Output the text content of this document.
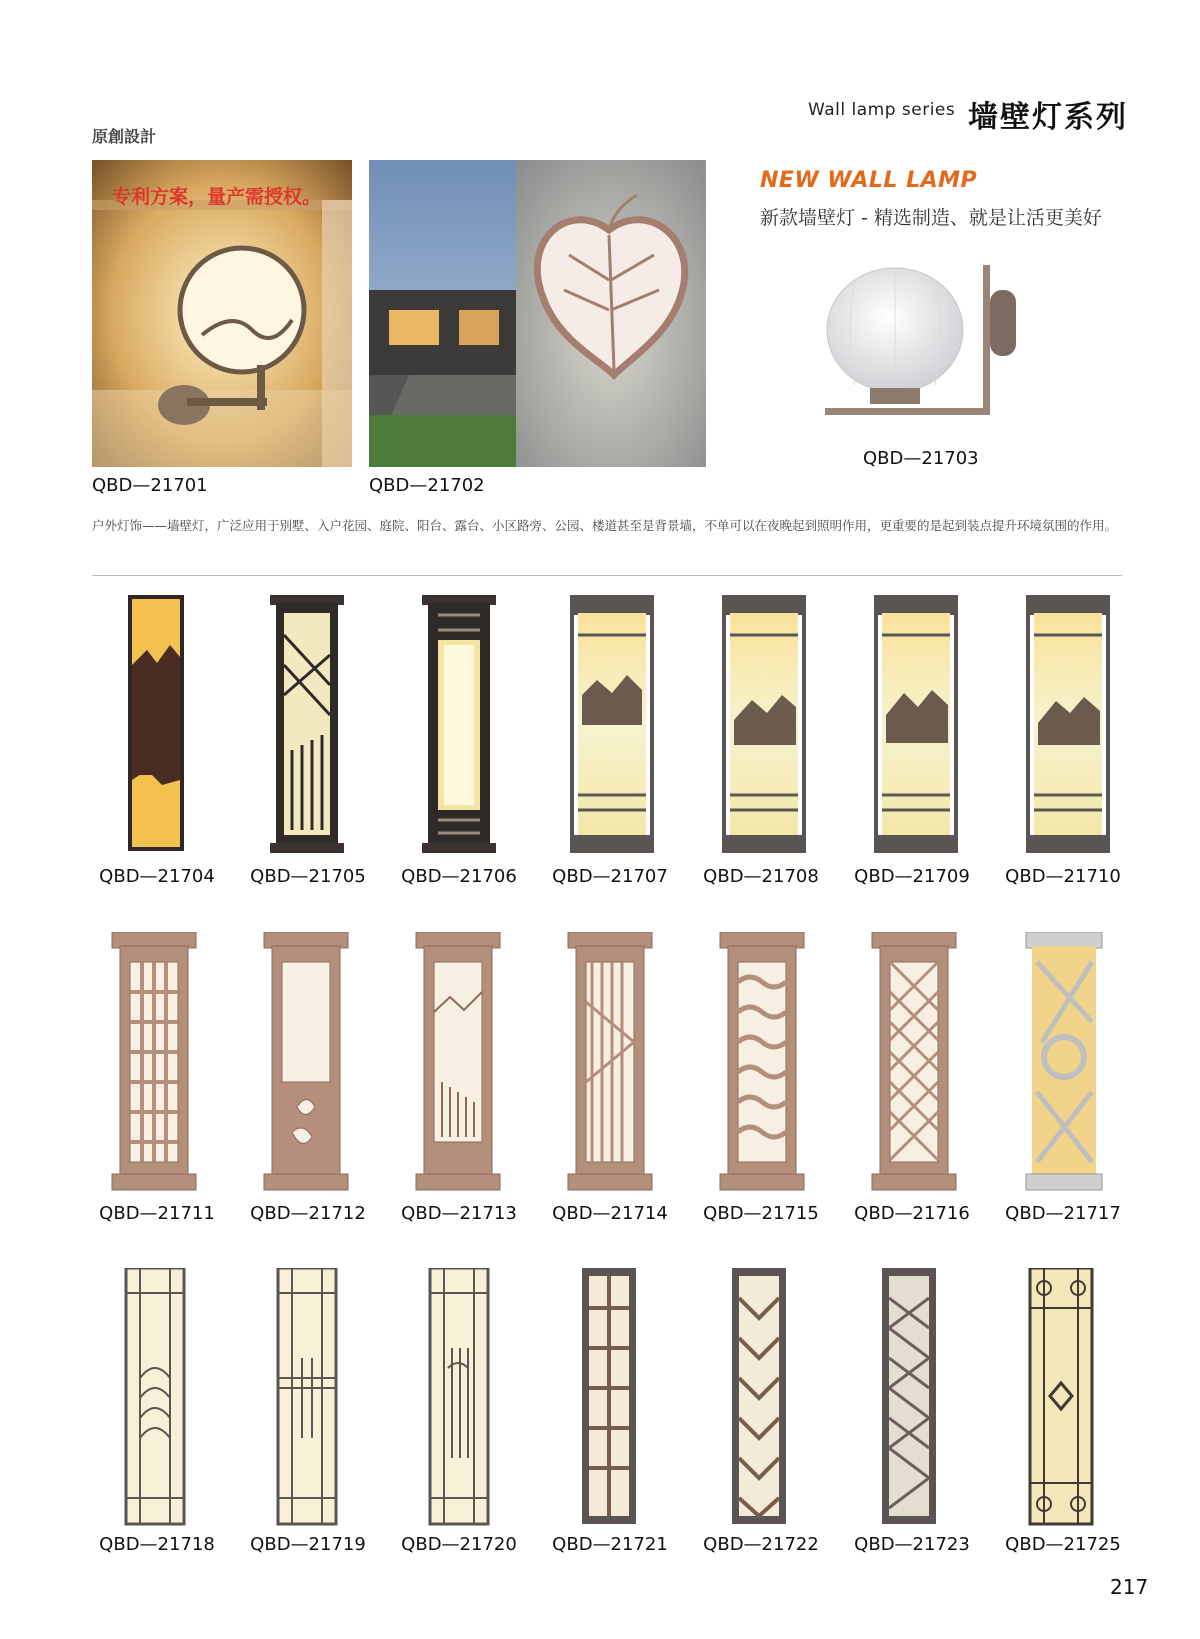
Wall lamp series 墙壁灯系列
原創設計
专利方案，量产需授权。
QBD—21701	QBD—21702
NEW WALL LAMP
新款墙壁灯 - 精选制造、就是让活更美好
QBD—21703
户外灯饰——墙壁灯，广泛应用于别墅、入户花园、庭院、阳台、露台、小区路旁、公园、楼道甚至是背景墙，不单可以在夜晚起到照明作用，更重要的是起到装点提升环境氛围的作用。
QBD—21704	QBD—21705	QBD—21706	QBD—21707	QBD—21708	QBD—21709	QBD—21710
QBD—21711	QBD—21712	QBD—21713	QBD—21714	QBD—21715	QBD—21716	QBD—21717
QBD—21718	QBD—21719	QBD—21720	QBD—21721	QBD—21722	QBD—21723	QBD—21725
217
